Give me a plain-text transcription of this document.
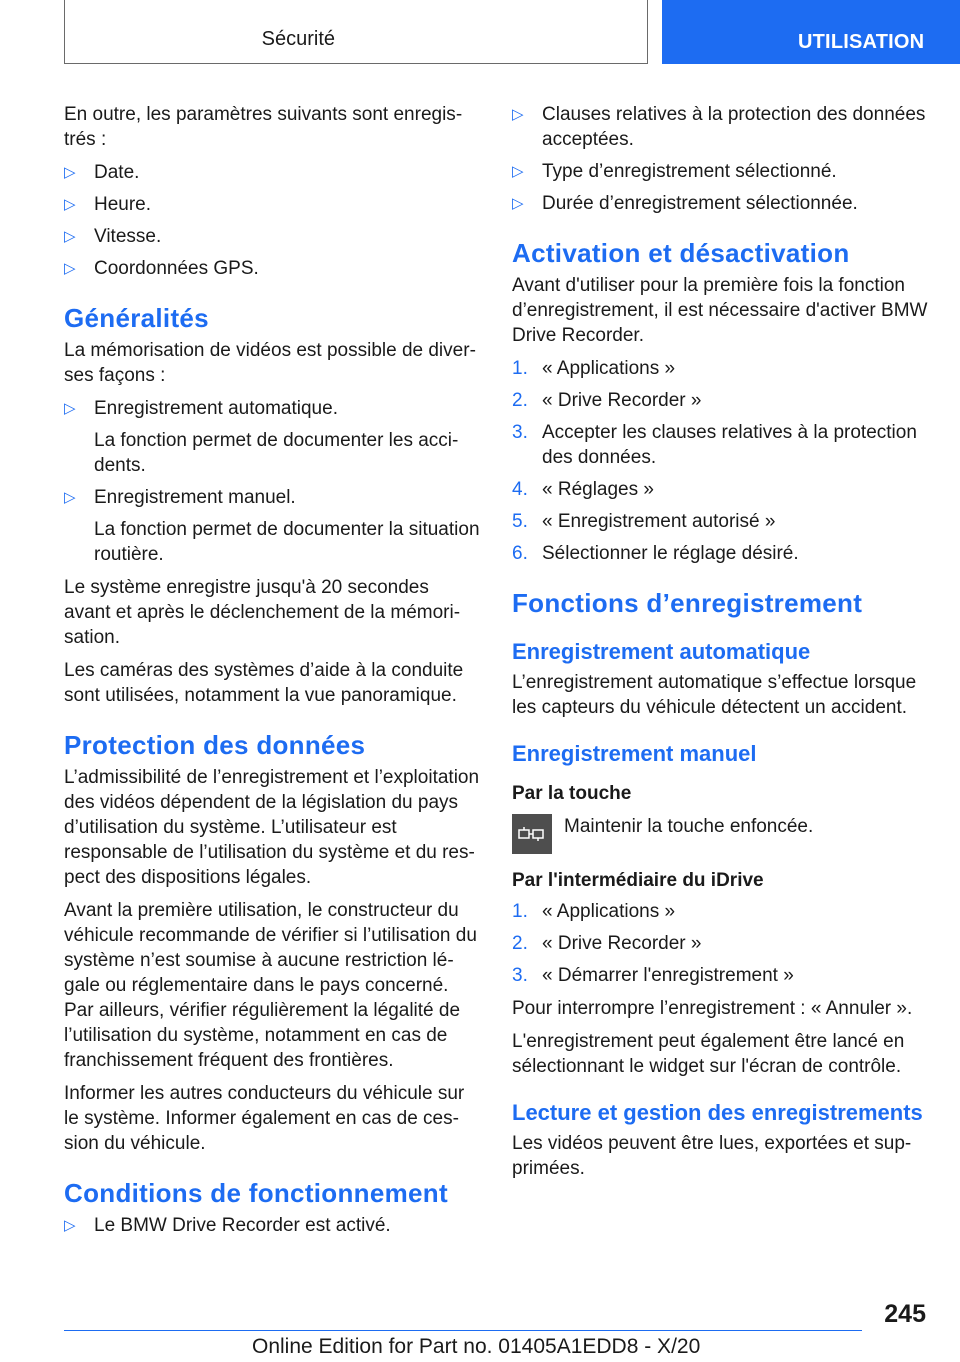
Sécurité	UTILISATION

En outre, les paramètres suivants sont enregistrés :

▷ Date.
▷ Heure.
▷ Vitesse.
▷ Coordonnées GPS.
Généralités

La mémorisation de vidéos est possible de diverses façons :

▷ Enregistrement automatique.
La fonction permet de documenter les accidents.
▷ Enregistrement manuel.
La fonction permet de documenter la situation routière.

Le système enregistre jusqu'à 20 secondes avant et après le déclenchement de la mémorisation.

Les caméras des systèmes d’aide à la conduite sont utilisées, notamment la vue panoramique.

Protection des données

L’admissibilité de l’enregistrement et l’exploitation des vidéos dépendent de la législation du pays d’utilisation du système. L’utilisateur est responsable de l’utilisation du système et du respect des dispositions légales.

Avant la première utilisation, le constructeur du véhicule recommande de vérifier si l’utilisation du système n’est soumise à aucune restriction légale ou réglementaire dans le pays concerné. Par ailleurs, vérifier régulièrement la légalité de l’utilisation du système, notamment en cas de franchissement fréquent des frontières.

Informer les autres conducteurs du véhicule sur le système. Informer également en cas de cession du véhicule.

Conditions de fonctionnement
▷ Le BMW Drive Recorder est activé.
▷ Clauses relatives à la protection des données acceptées.
▷ Type d’enregistrement sélectionné.
▷ Durée d’enregistrement sélectionnée.
Activation et désactivation

Avant d'utiliser pour la première fois la fonction d’enregistrement, il est nécessaire d'activer BMW Drive Recorder.

1. « Applications »
2. « Drive Recorder »
3. Accepter les clauses relatives à la protection des données.
4. « Réglages »
5. « Enregistrement autorisé »
6. Sélectionner le réglage désiré.
Fonctions d’enregistrement
Enregistrement automatique

L’enregistrement automatique s’effectue lorsque les capteurs du véhicule détectent un accident.

Enregistrement manuel
Par la touche
Maintenir la touche enfoncée.
Par l'intermédiaire du iDrive
1. « Applications »
2. « Drive Recorder »
3. « Démarrer l'enregistrement »

Pour interrompre l’enregistrement : « Annuler ».

L'enregistrement peut également être lancé en sélectionnant le widget sur l'écran de contrôle.

Lecture et gestion des enregistrements

Les vidéos peuvent être lues, exportées et supprimées.

245
Online Edition for Part no. 01405A1EDD8 - X/20
